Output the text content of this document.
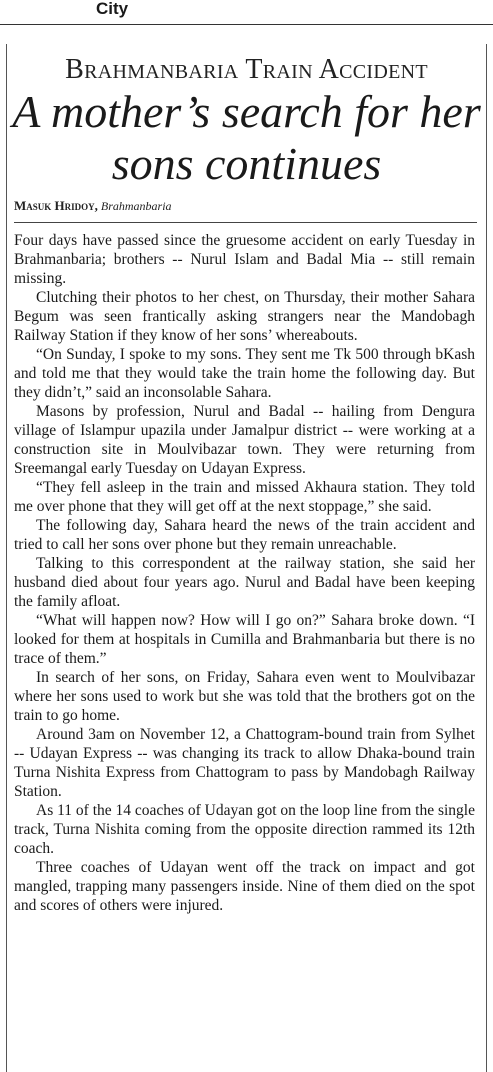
City
Brahmanbaria Train Accident
A mother’s search for her sons continues
Masuk Hridoy, Brahmanbaria

Four days have passed since the gruesome accident on early Tuesday in Brahmanbaria; brothers -- Nurul Islam and Badal Mia -- still remain missing.

Clutching their photos to her chest, on Thursday, their mother Sahara Begum was seen frantically asking strangers near the Mandobagh Railway Station if they know of her sons’ whereabouts.

“On Sunday, I spoke to my sons. They sent me Tk 500 through bKash and told me that they would take the train home the following day. But they didn’t,” said an inconsolable Sahara.

Masons by profession, Nurul and Badal -- hailing from Dengura village of Islampur upazila under Jamalpur district -- were working at a construction site in Moulvibazar town. They were returning from Sreemangal early Tuesday on Udayan Express.

“They fell asleep in the train and missed Akhaura station. They told me over phone that they will get off at the next stoppage,” she said.

The following day, Sahara heard the news of the train accident and tried to call her sons over phone but they remain unreachable.

Talking to this correspondent at the railway station, she said her husband died about four years ago. Nurul and Badal have been keeping the family afloat.

“What will happen now? How will I go on?” Sahara broke down. “I looked for them at hospitals in Cumilla and Brahmanbaria but there is no trace of them.”

In search of her sons, on Friday, Sahara even went to Moulvibazar where her sons used to work but she was told that the brothers got on the train to go home.

Around 3am on November 12, a Chattogram-bound train from Sylhet -- Udayan Express -- was changing its track to allow Dhaka-bound train Turna Nishita Express from Chattogram to pass by Mandobagh Railway Station.

As 11 of the 14 coaches of Udayan got on the loop line from the single track, Turna Nishita coming from the opposite direction rammed its 12th coach.

Three coaches of Udayan went off the track on impact and got mangled, trapping many passengers inside. Nine of them died on the spot and scores of others were injured.
